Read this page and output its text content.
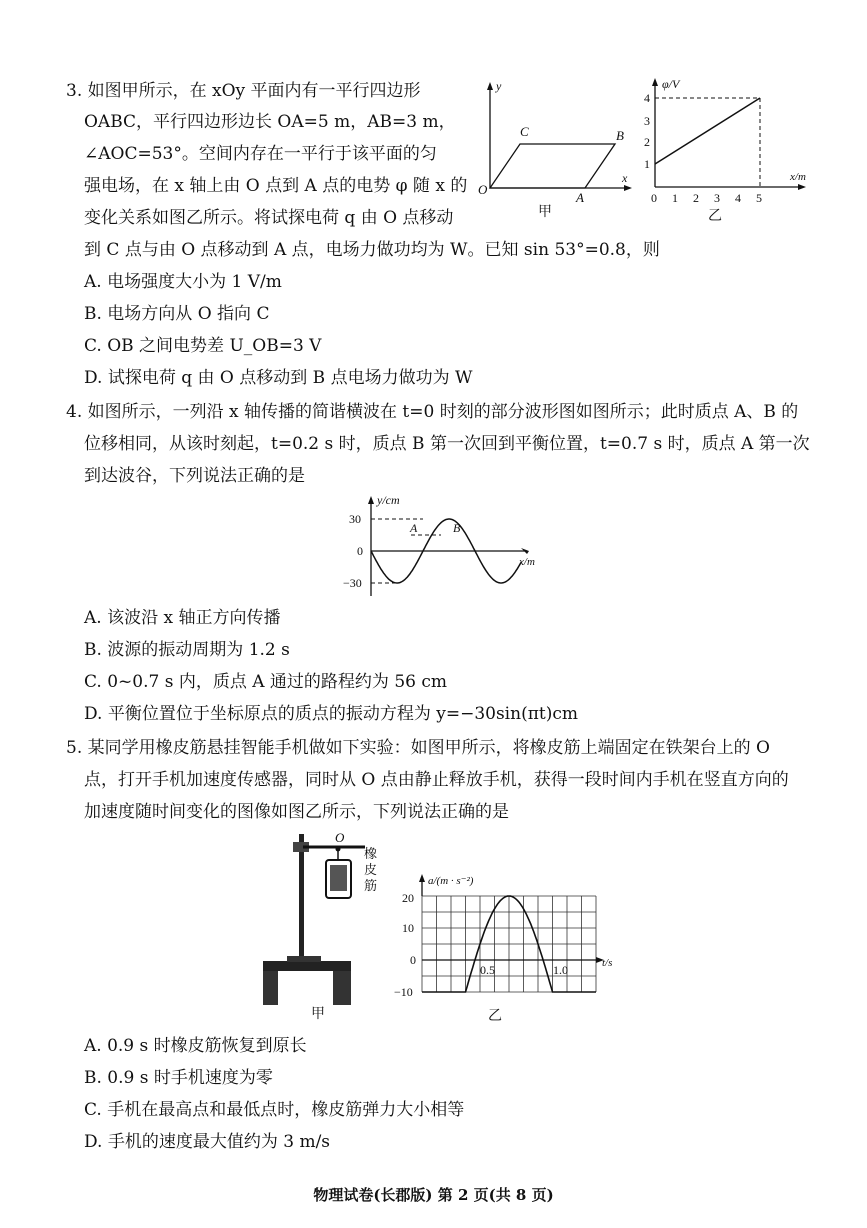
3. 如图甲所示，在 xOy 平面内有一平行四边形
OABC，平行四边形边长 OA=5 m，AB=3 m，
∠AOC=53°。空间内存在一平行于该平面的匀
强电场，在 x 轴上由 O 点到 A 点的电势 φ 随 x 的
变化关系如图乙所示。将试探电荷 q 由 O 点移动
到 C 点与由 O 点移动到 A 点，电场力做功均为 W。已知 sin 53°=0.8，则
A. 电场强度大小为 1 V/m
B. 电场方向从 O 指向 C
C. OB 之间电势差 U_OB=3 V
D. 试探电荷 q 由 O 点移动到 B 点电场力做功为 W
y
x
O
A
B
C
甲
φ/V
x/m
1
2
3
4
0 1 2 3 4 5
乙
4. 如图所示，一列沿 x 轴传播的简谐横波在 t=0 时刻的部分波形图如图所示；此时质点 A、B 的
位移相同，从该时刻起，t=0.2 s 时，质点 B 第一次回到平衡位置，t=0.7 s 时，质点 A 第一次
到达波谷，下列说法正确的是
y/cm
x/m
30
0
−30
A	B
A. 该波沿 x 轴正方向传播
B. 波源的振动周期为 1.2 s
C. 0~0.7 s 内，质点 A 通过的路程约为 56 cm
D. 平衡位置位于坐标原点的质点的振动方程为 y=−30sin(πt)cm
5. 某同学用橡皮筋悬挂智能手机做如下实验：如图甲所示，将橡皮筋上端固定在铁架台上的 O
点，打开手机加速度传感器，同时从 O 点由静止释放手机，获得一段时间内手机在竖直方向的
加速度随时间变化的图像如图乙所示，下列说法正确的是
O
橡
皮
筋
甲
a/(m · s⁻²)
t/s
20
10
0
−10
0.5	1.0
乙
A. 0.9 s 时橡皮筋恢复到原长
B. 0.9 s 时手机速度为零
C. 手机在最高点和最低点时，橡皮筋弹力大小相等
D. 手机的速度最大值约为 3 m/s
物理试卷(长郡版) 第 2 页(共 8 页)
